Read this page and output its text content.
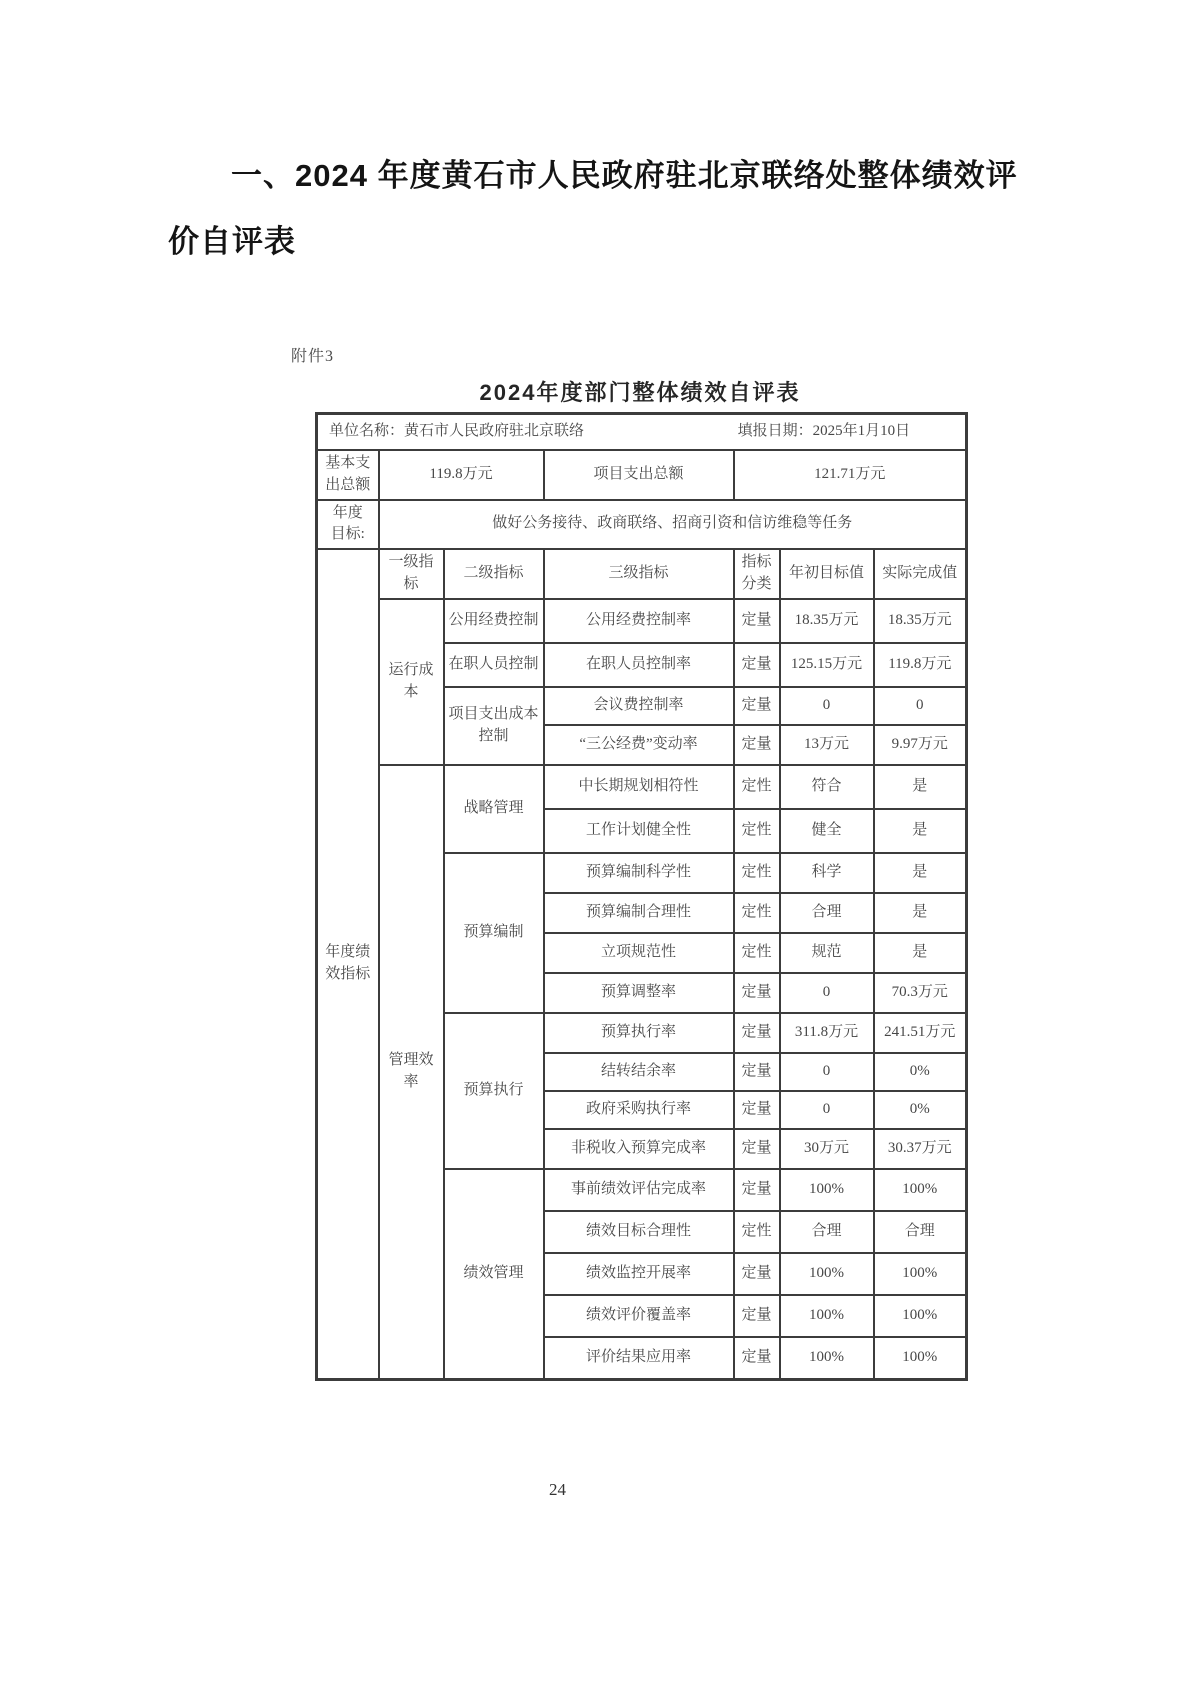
一、2024 年度黄石市人民政府驻北京联络处整体绩效评
价自评表
附件3
2024年度部门整体绩效自评表
单位名称：黄石市人民政府驻北京联络 填报日期：2025年1月10日						

基本支出总额	119.8万元		项目支出总额	121.71万元		
年度目标:	做好公务接待、政商联络、招商引资和信访维稳等任务					
年度绩效指标	一级指标	二级指标	三级指标	指标分类	年初目标值	实际完成值
	运行成本	公用经费控制	公用经费控制率	定量	18.35万元	18.35万元
		在职人员控制	在职人员控制率	定量	125.15万元	119.8万元
		项目支出成本控制	会议费控制率	定量	0	0
			“三公经费”变动率	定量	13万元	9.97万元
	管理效率	战略管理	中长期规划相符性	定性	符合	是
			工作计划健全性	定性	健全	是
		预算编制	预算编制科学性	定性	科学	是
			预算编制合理性	定性	合理	是
			立项规范性	定性	规范	是
			预算调整率	定量	0	70.3万元
		预算执行	预算执行率	定量	311.8万元	241.51万元
			结转结余率	定量	0	0%
			政府采购执行率	定量	0	0%
			非税收入预算完成率	定量	30万元	30.37万元
		绩效管理	事前绩效评估完成率	定量	100%	100%
			绩效目标合理性	定性	合理	合理
			绩效监控开展率	定量	100%	100%
			绩效评价覆盖率	定量	100%	100%
			评价结果应用率	定量	100%	100%
24
